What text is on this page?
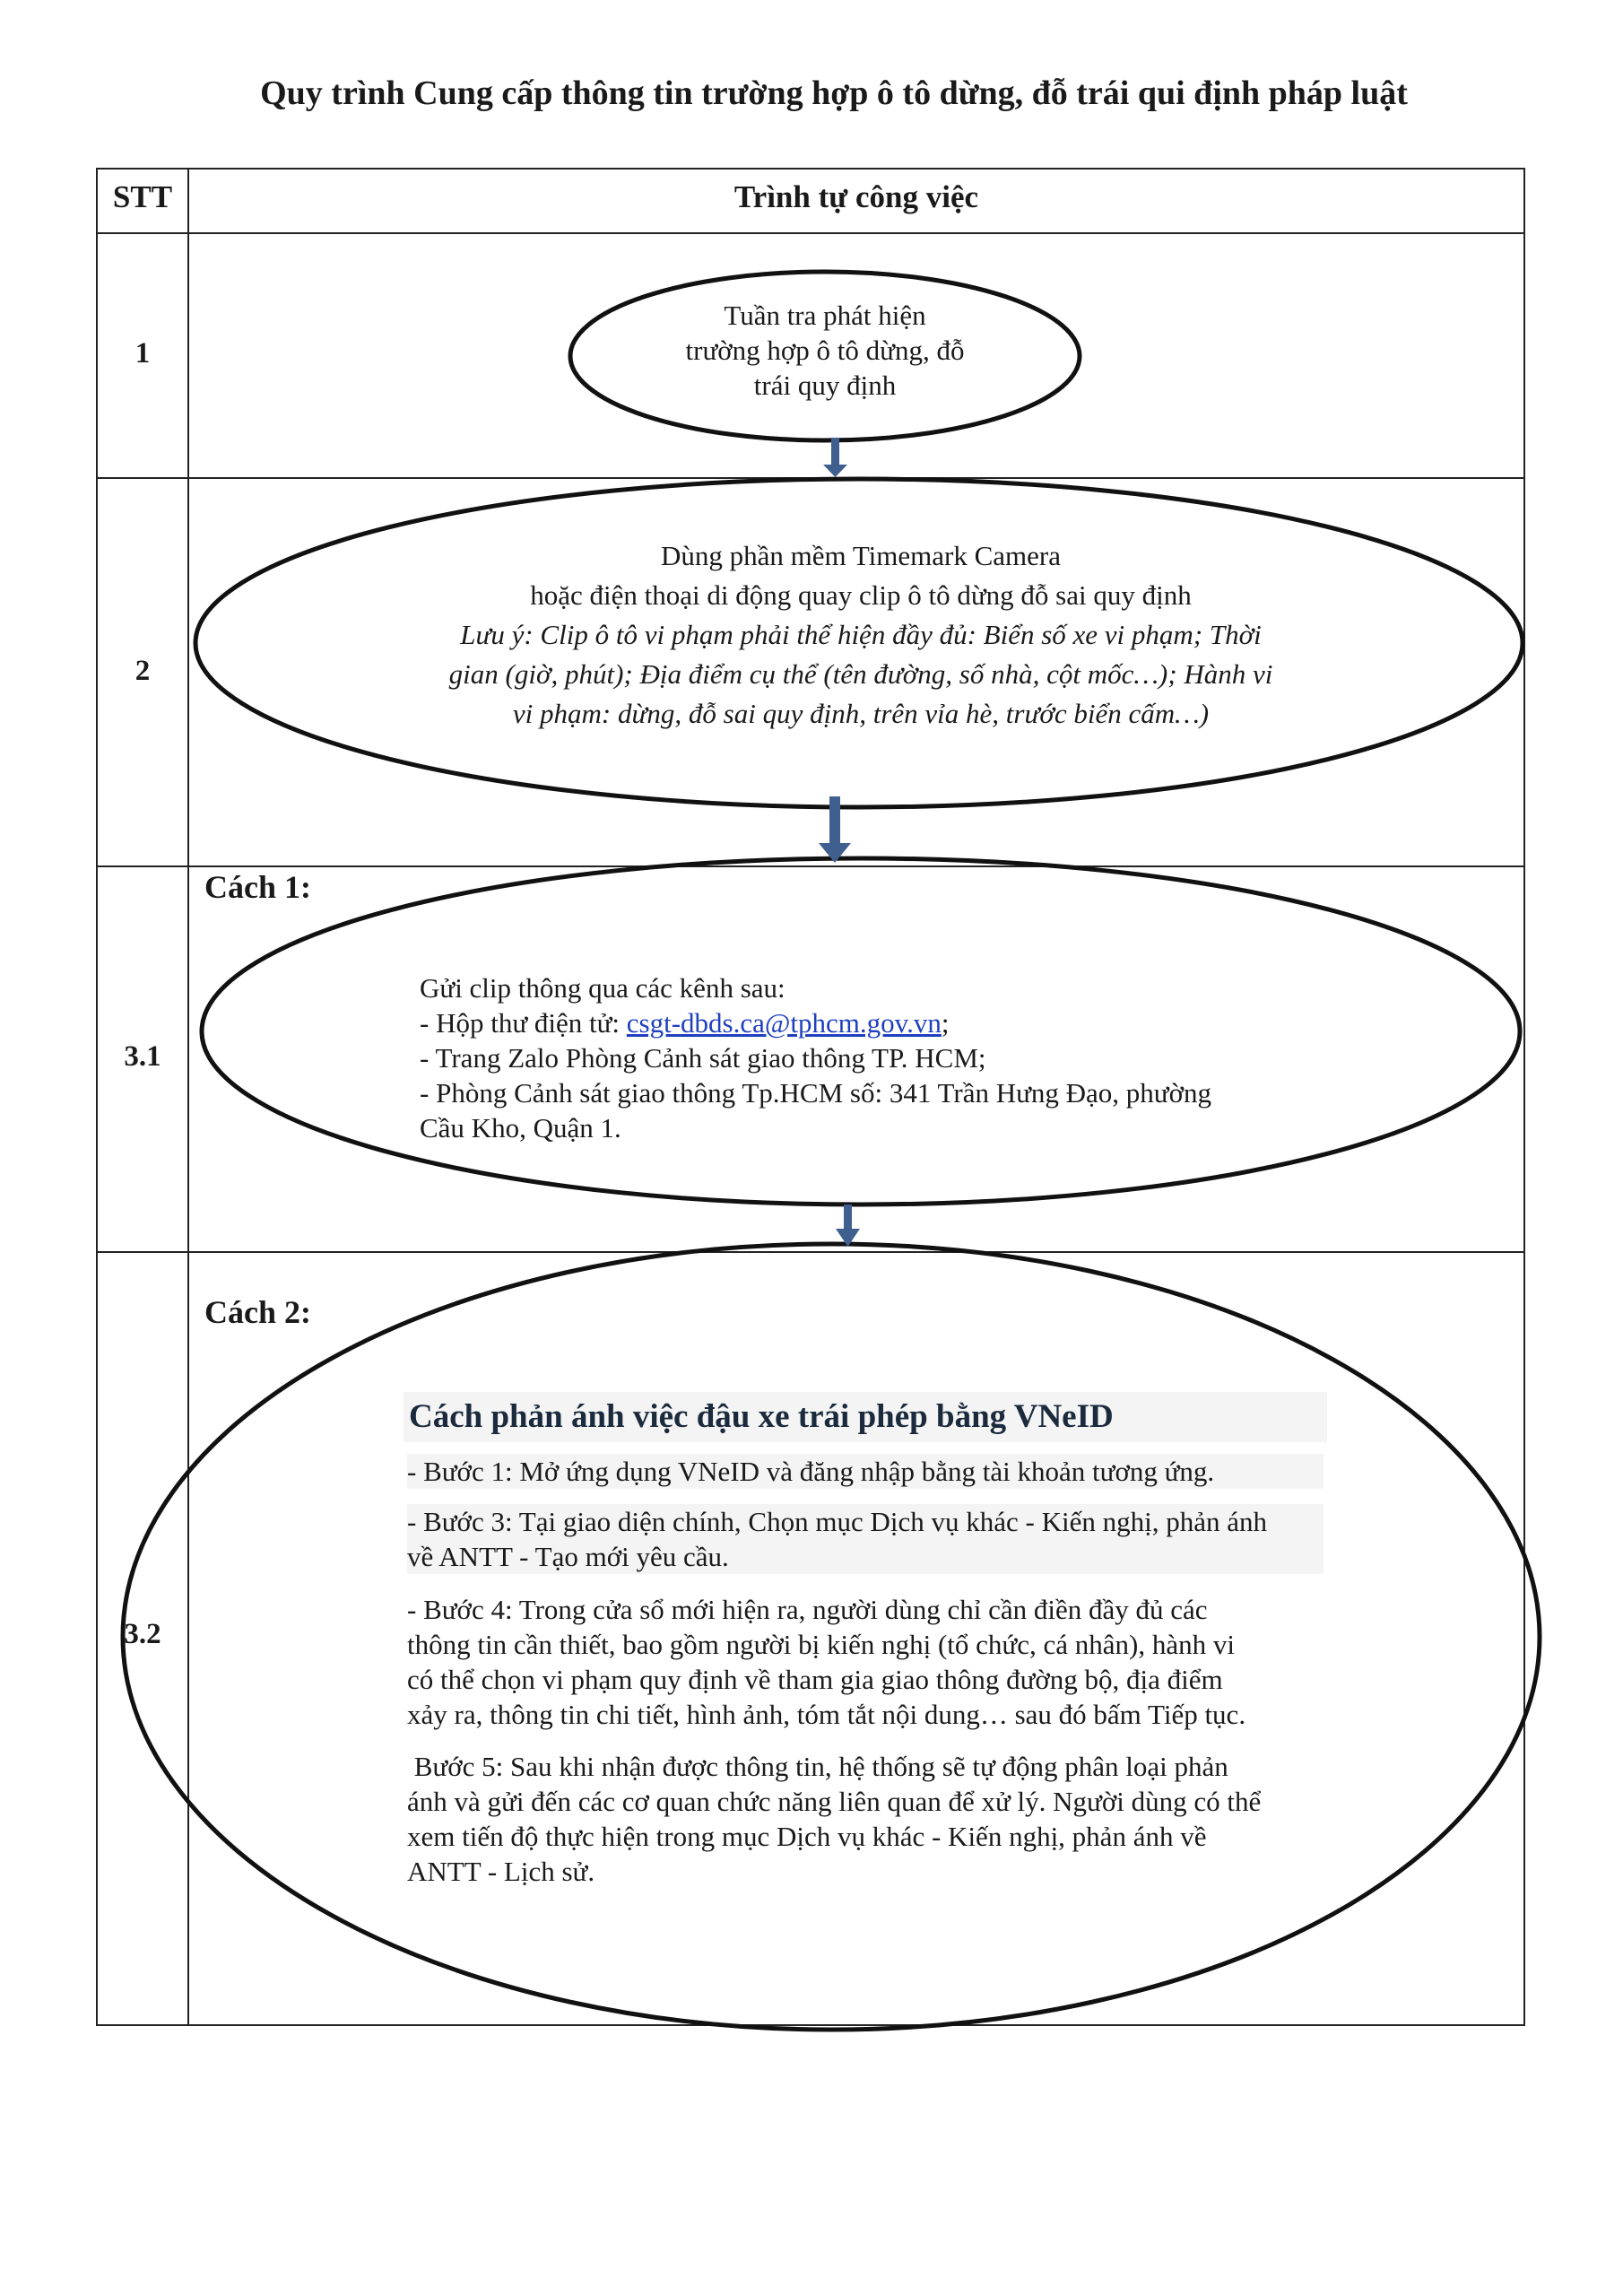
Quy trình Cung cấp thông tin trường hợp ô tô dừng, đỗ trái qui định pháp luật
STT	Trình tự công việc
1
2
3.1
3.2
Tuần tra phát hiện
trường hợp ô tô dừng, đỗ
trái quy định
Dùng phần mềm Timemark Camera
hoặc điện thoại di động quay clip ô tô dừng đỗ sai quy định
Lưu ý: Clip ô tô vi phạm phải thể hiện đầy đủ: Biển số xe vi phạm; Thời
gian (giờ, phút); Địa điểm cụ thể (tên đường, số nhà, cột mốc…); Hành vi
vi phạm: dừng, đỗ sai quy định, trên vỉa hè, trước biển cấm…)
Cách 1:
Gửi clip thông qua các kênh sau:
- Hộp thư điện tử: csgt-dbds.ca@tphcm.gov.vn;
- Trang Zalo Phòng Cảnh sát giao thông TP. HCM;
- Phòng Cảnh sát giao thông Tp.HCM số: 341 Trần Hưng Đạo, phường
Cầu Kho, Quận 1.
Cách 2:
Cách phản ánh việc đậu xe trái phép bằng VNeID
- Bước 1: Mở ứng dụng VNeID và đăng nhập bằng tài khoản tương ứng.
- Bước 3: Tại giao diện chính, Chọn mục Dịch vụ khác - Kiến nghị, phản ánh
về ANTT - Tạo mới yêu cầu.
- Bước 4: Trong cửa sổ mới hiện ra, người dùng chỉ cần điền đầy đủ các
thông tin cần thiết, bao gồm người bị kiến nghị (tổ chức, cá nhân), hành vi
có thể chọn vi phạm quy định về tham gia giao thông đường bộ, địa điểm
xảy ra, thông tin chi tiết, hình ảnh, tóm tắt nội dung… sau đó bấm Tiếp tục.
Bước 5: Sau khi nhận được thông tin, hệ thống sẽ tự động phân loại phản
ánh và gửi đến các cơ quan chức năng liên quan để xử lý. Người dùng có thể
xem tiến độ thực hiện trong mục Dịch vụ khác - Kiến nghị, phản ánh về
ANTT - Lịch sử.
